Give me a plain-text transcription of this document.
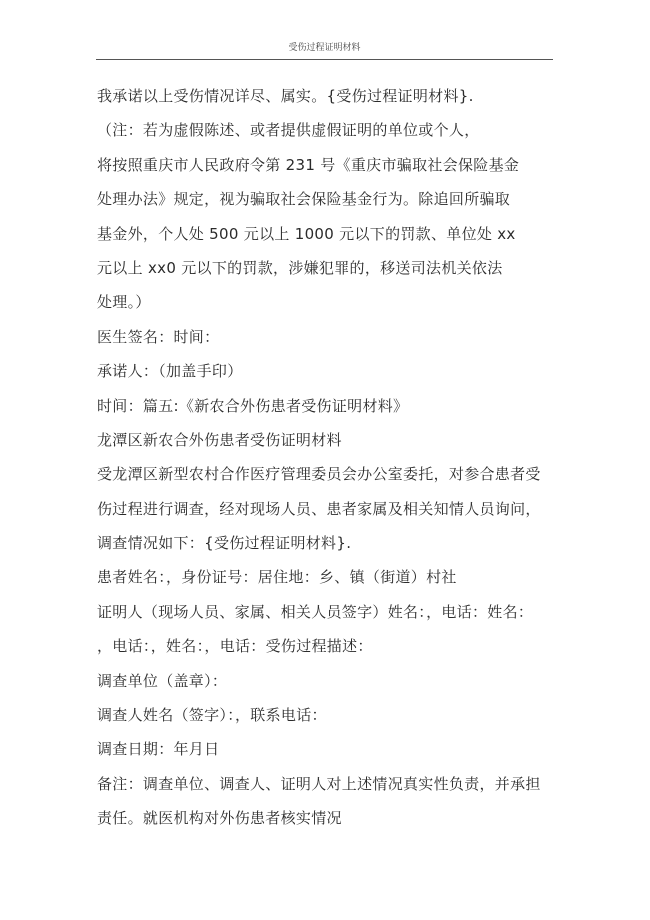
受伤过程证明材料
我承诺以上受伤情况详尽、属实。{受伤过程证明材料}.
（注：若为虚假陈述、或者提供虚假证明的单位或个人，
将按照重庆市人民政府令第 231 号《重庆市骗取社会保险基金
处理办法》规定，视为骗取社会保险基金行为。除追回所骗取
基金外，个人处 500 元以上 1000 元以下的罚款、单位处 xx
元以上 xx0 元以下的罚款，涉嫌犯罪的，移送司法机关依法
处理。）
医生签名：时间：
承诺人：（加盖手印）
时间：篇五:《新农合外伤患者受伤证明材料》
龙潭区新农合外伤患者受伤证明材料
受龙潭区新型农村合作医疗管理委员会办公室委托，对参合患者受
伤过程进行调查，经对现场人员、患者家属及相关知情人员询问，
调查情况如下：{受伤过程证明材料}.
患者姓名：，身份证号：居住地：乡、镇（街道）村社
证明人（现场人员、家属、相关人员签字）姓名：，电话：姓名：
，电话：，姓名：，电话：受伤过程描述：
调查单位（盖章）：
调查人姓名（签字）：，联系电话：
调查日期：年月日
备注：调查单位、调查人、证明人对上述情况真实性负责，并承担
责任。就医机构对外伤患者核实情况
